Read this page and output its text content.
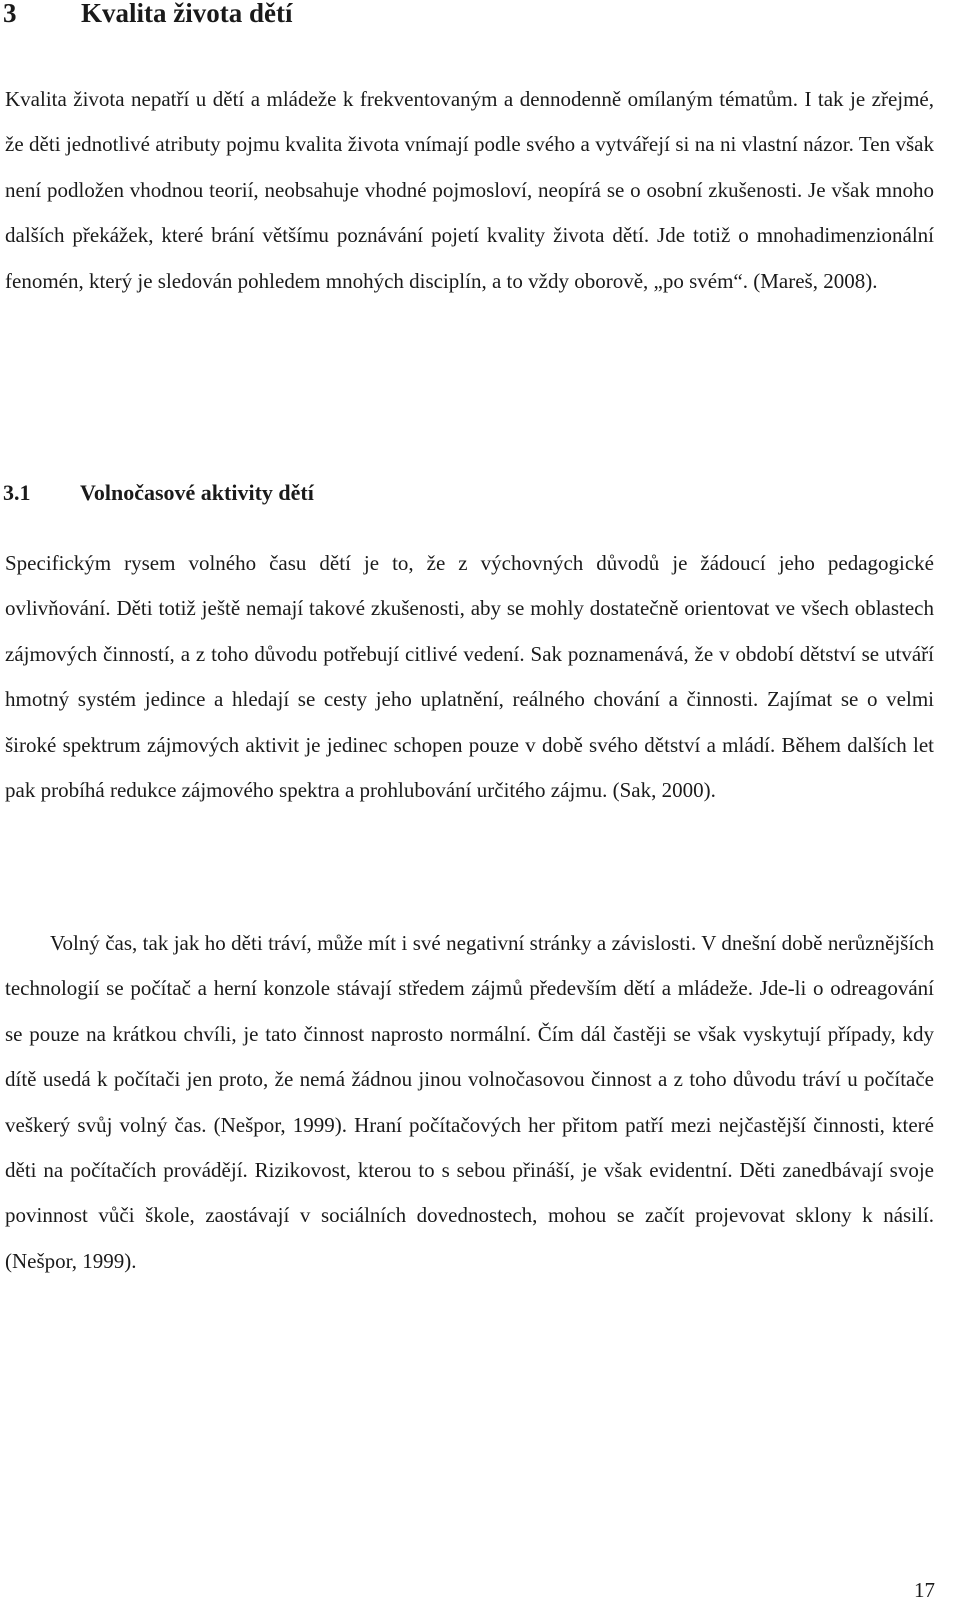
3 Kvalita života dětí

Kvalita života nepatří u dětí a mládeže k frekventovaným a dennodenně omílaným tématům. I tak je zřejmé, že děti jednotlivé atributy pojmu kvalita života vnímají podle svého a vytvářejí si na ni vlastní názor. Ten však není podložen vhodnou teorií, neobsahuje vhodné pojmosloví, neopírá se o osobní zkušenosti. Je však mnoho dalších překážek, které brání většímu poznávání pojetí kvality života dětí. Jde totiž o mnohadimenzionální fenomén, který je sledován pohledem mnohých disciplín, a to vždy oborově, „po svém“. (Mareš, 2008).

3.1 Volnočasové aktivity dětí

Specifickým rysem volného času dětí je to, že z výchovných důvodů je žádoucí jeho pedagogické ovlivňování. Děti totiž ještě nemají takové zkušenosti, aby se mohly dostatečně orientovat ve všech oblastech zájmových činností, a z toho důvodu potřebují citlivé vedení. Sak poznamenává, že v období dětství se utváří hmotný systém jedince a hledají se cesty jeho uplatnění, reálného chování a činnosti. Zajímat se o velmi široké spektrum zájmových aktivit je jedinec schopen pouze v době svého dětství a mládí. Během dalších let pak probíhá redukce zájmového spektra a prohlubování určitého zájmu. (Sak, 2000).

Volný čas, tak jak ho děti tráví, může mít i své negativní stránky a závislosti. V dnešní době nerůznějších technologií se počítač a herní konzole stávají středem zájmů především dětí a mládeže. Jde-li o odreagování se pouze na krátkou chvíli, je tato činnost naprosto normální. Čím dál častěji se však vyskytují případy, kdy dítě usedá k počítači jen proto, že nemá žádnou jinou volnočasovou činnost a z toho důvodu tráví u počítače veškerý svůj volný čas. (Nešpor, 1999). Hraní počítačových her přitom patří mezi nejčastější činnosti, které děti na počítačích provádějí. Rizikovost, kterou to s sebou přináší, je však evidentní. Děti zanedbávají svoje povinnost vůči škole, zaostávají v sociálních dovednostech, mohou se začít projevovat sklony k násilí. (Nešpor, 1999).

17
